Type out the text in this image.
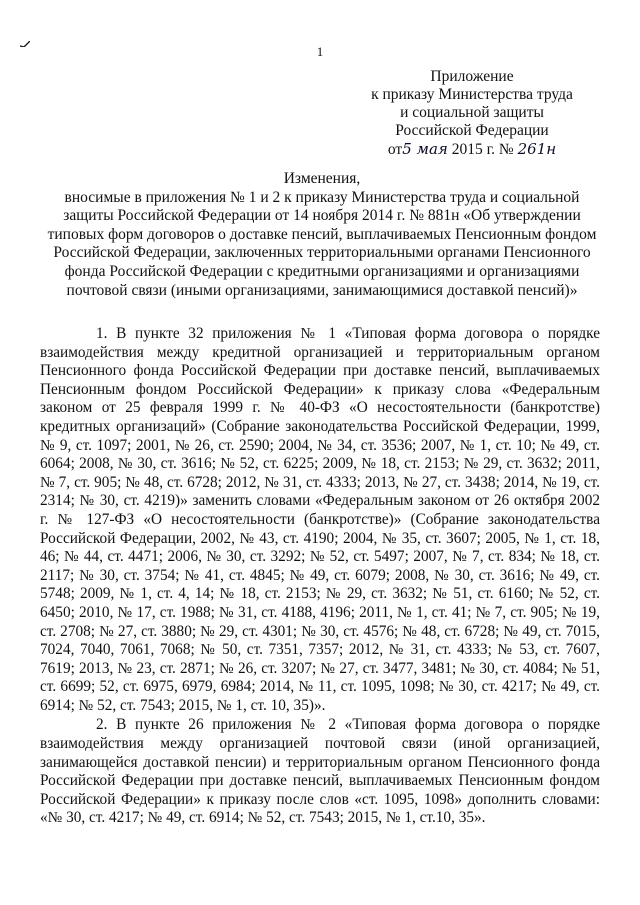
1
Приложение
к приказу Министерства труда
и социальной защиты
Российской Федерации
от5 мая 2015 г. № 261н

Изменения,

вносимые в приложения № 1 и 2 к приказу Министерства труда и социальной защиты Российской Федерации от 14 ноября 2014 г. № 881н «Об утверждении типовых форм договоров о доставке пенсий, выплачиваемых Пенсионным фондом Российской Федерации, заключенных территориальными органами Пенсионного фонда Российской Федерации с кредитными организациями и организациями почтовой связи (иными организациями, занимающимися доставкой пенсий)»

1. В пункте 32 приложения № 1 «Типовая форма договора о порядке взаимодействия между кредитной организацией и территориальным органом Пенсионного фонда Российской Федерации при доставке пенсий, выплачиваемых Пенсионным фондом Российской Федерации» к приказу слова «Федеральным законом от 25 февраля 1999 г. № 40-ФЗ «О несостоятельности (банкротстве) кредитных организаций» (Собрание законодательства Российской Федерации, 1999, № 9, ст. 1097; 2001, № 26, ст. 2590; 2004, № 34, ст. 3536; 2007, № 1, ст. 10; № 49, ст. 6064; 2008, № 30, ст. 3616; № 52, ст. 6225; 2009, № 18, ст. 2153; № 29, ст. 3632; 2011, № 7, ст. 905; № 48, ст. 6728; 2012, № 31, ст. 4333; 2013, № 27, ст. 3438; 2014, № 19, ст. 2314; № 30, ст. 4219)» заменить словами «Федеральным законом от 26 октября 2002 г. № 127-ФЗ «О несостоятельности (банкротстве)» (Собрание законодательства Российской Федерации, 2002, № 43, ст. 4190; 2004, № 35, ст. 3607; 2005, № 1, ст. 18, 46; № 44, ст. 4471; 2006, № 30, ст. 3292; № 52, ст. 5497; 2007, № 7, ст. 834; № 18, ст. 2117; № 30, ст. 3754; № 41, ст. 4845; № 49, ст. 6079; 2008, № 30, ст. 3616; № 49, ст. 5748; 2009, № 1, ст. 4, 14; № 18, ст. 2153; № 29, ст. 3632; № 51, ст. 6160; № 52, ст. 6450; 2010, № 17, ст. 1988; № 31, ст. 4188, 4196; 2011, № 1, ст. 41; № 7, ст. 905; № 19, ст. 2708; № 27, ст. 3880; № 29, ст. 4301; № 30, ст. 4576; № 48, ст. 6728; № 49, ст. 7015, 7024, 7040, 7061, 7068; № 50, ст. 7351, 7357; 2012, № 31, ст. 4333; № 53, ст. 7607, 7619; 2013, № 23, ст. 2871; № 26, ст. 3207; № 27, ст. 3477, 3481; № 30, ст. 4084; № 51, ст. 6699; 52, ст. 6975, 6979, 6984; 2014, № 11, ст. 1095, 1098; № 30, ст. 4217; № 49, ст. 6914; № 52, ст. 7543; 2015, № 1, ст. 10, 35)».

2. В пункте 26 приложения № 2 «Типовая форма договора о порядке взаимодействия между организацией почтовой связи (иной организацией, занимающейся доставкой пенсии) и территориальным органом Пенсионного фонда Российской Федерации при доставке пенсий, выплачиваемых Пенсионным фондом Российской Федерации» к приказу после слов «ст. 1095, 1098» дополнить словами: «№ 30, ст. 4217; № 49, ст. 6914; № 52, ст. 7543; 2015, № 1, ст.10, 35».
